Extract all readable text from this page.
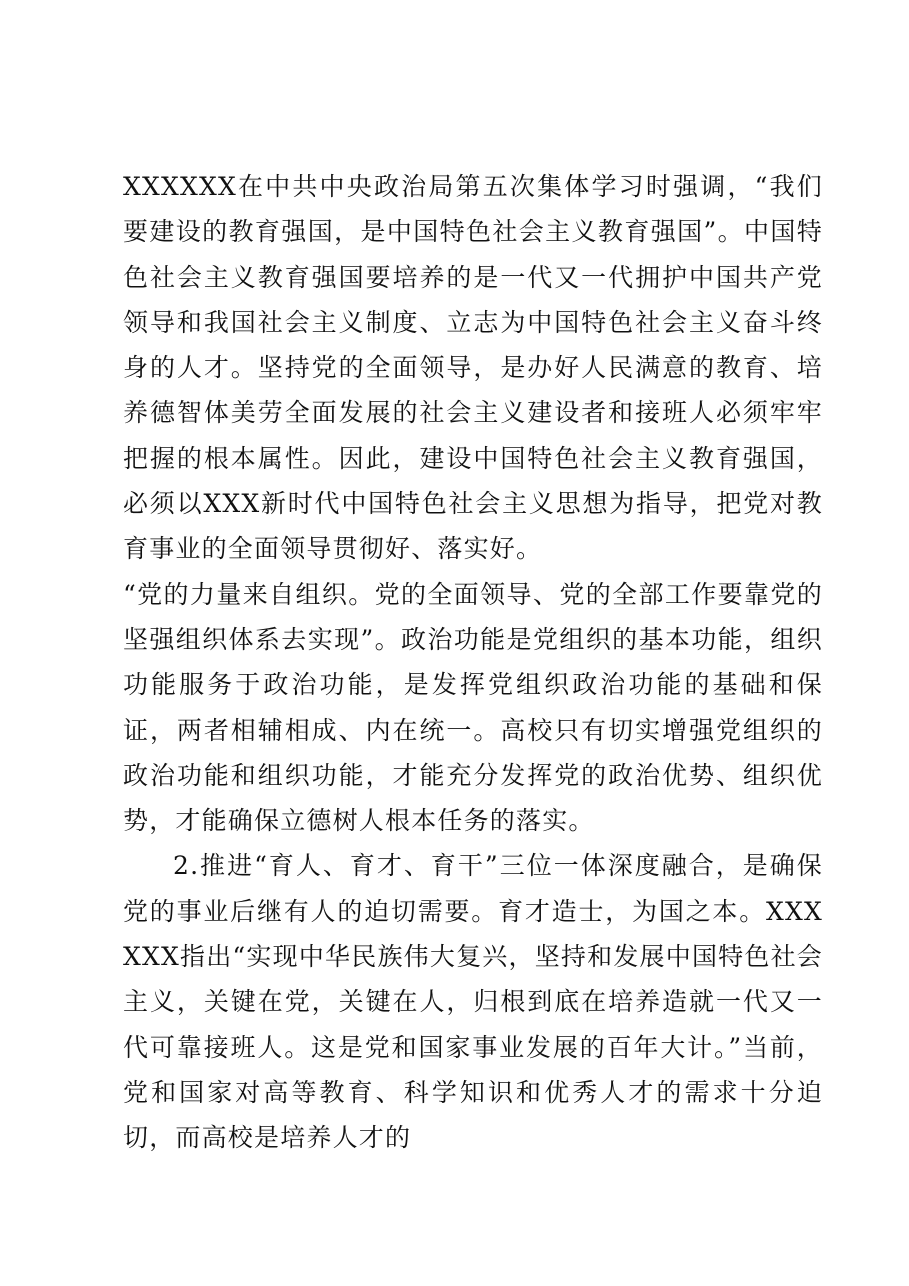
XXXXXX在中共中央政治局第五次集体学习时强调，“我们要建设的教育强国，是中国特色社会主义教育强国”。中国特色社会主义教育强国要培养的是一代又一代拥护中国共产党领导和我国社会主义制度、立志为中国特色社会主义奋斗终身的人才。坚持党的全面领导，是办好人民满意的教育、培养德智体美劳全面发展的社会主义建设者和接班人必须牢牢把握的根本属性。因此，建设中国特色社会主义教育强国，必须以XXX新时代中国特色社会主义思想为指导，把党对教育事业的全面领导贯彻好、落实好。

“党的力量来自组织。党的全面领导、党的全部工作要靠党的坚强组织体系去实现”。政治功能是党组织的基本功能，组织功能服务于政治功能，是发挥党组织政治功能的基础和保证，两者相辅相成、内在统一。高校只有切实增强党组织的政治功能和组织功能，才能充分发挥党的政治优势、组织优势，才能确保立德树人根本任务的落实。

2.推进“育人、育才、育干”三位一体深度融合，是确保党的事业后继有人的迫切需要。育才造士，为国之本。XXXXXX指出“实现中华民族伟大复兴，坚持和发展中国特色社会主义，关键在党，关键在人，归根到底在培养造就一代又一代可靠接班人。这是党和国家事业发展的百年大计。”当前，党和国家对高等教育、科学知识和优秀人才的需求十分迫切，而高校是培养人才的
